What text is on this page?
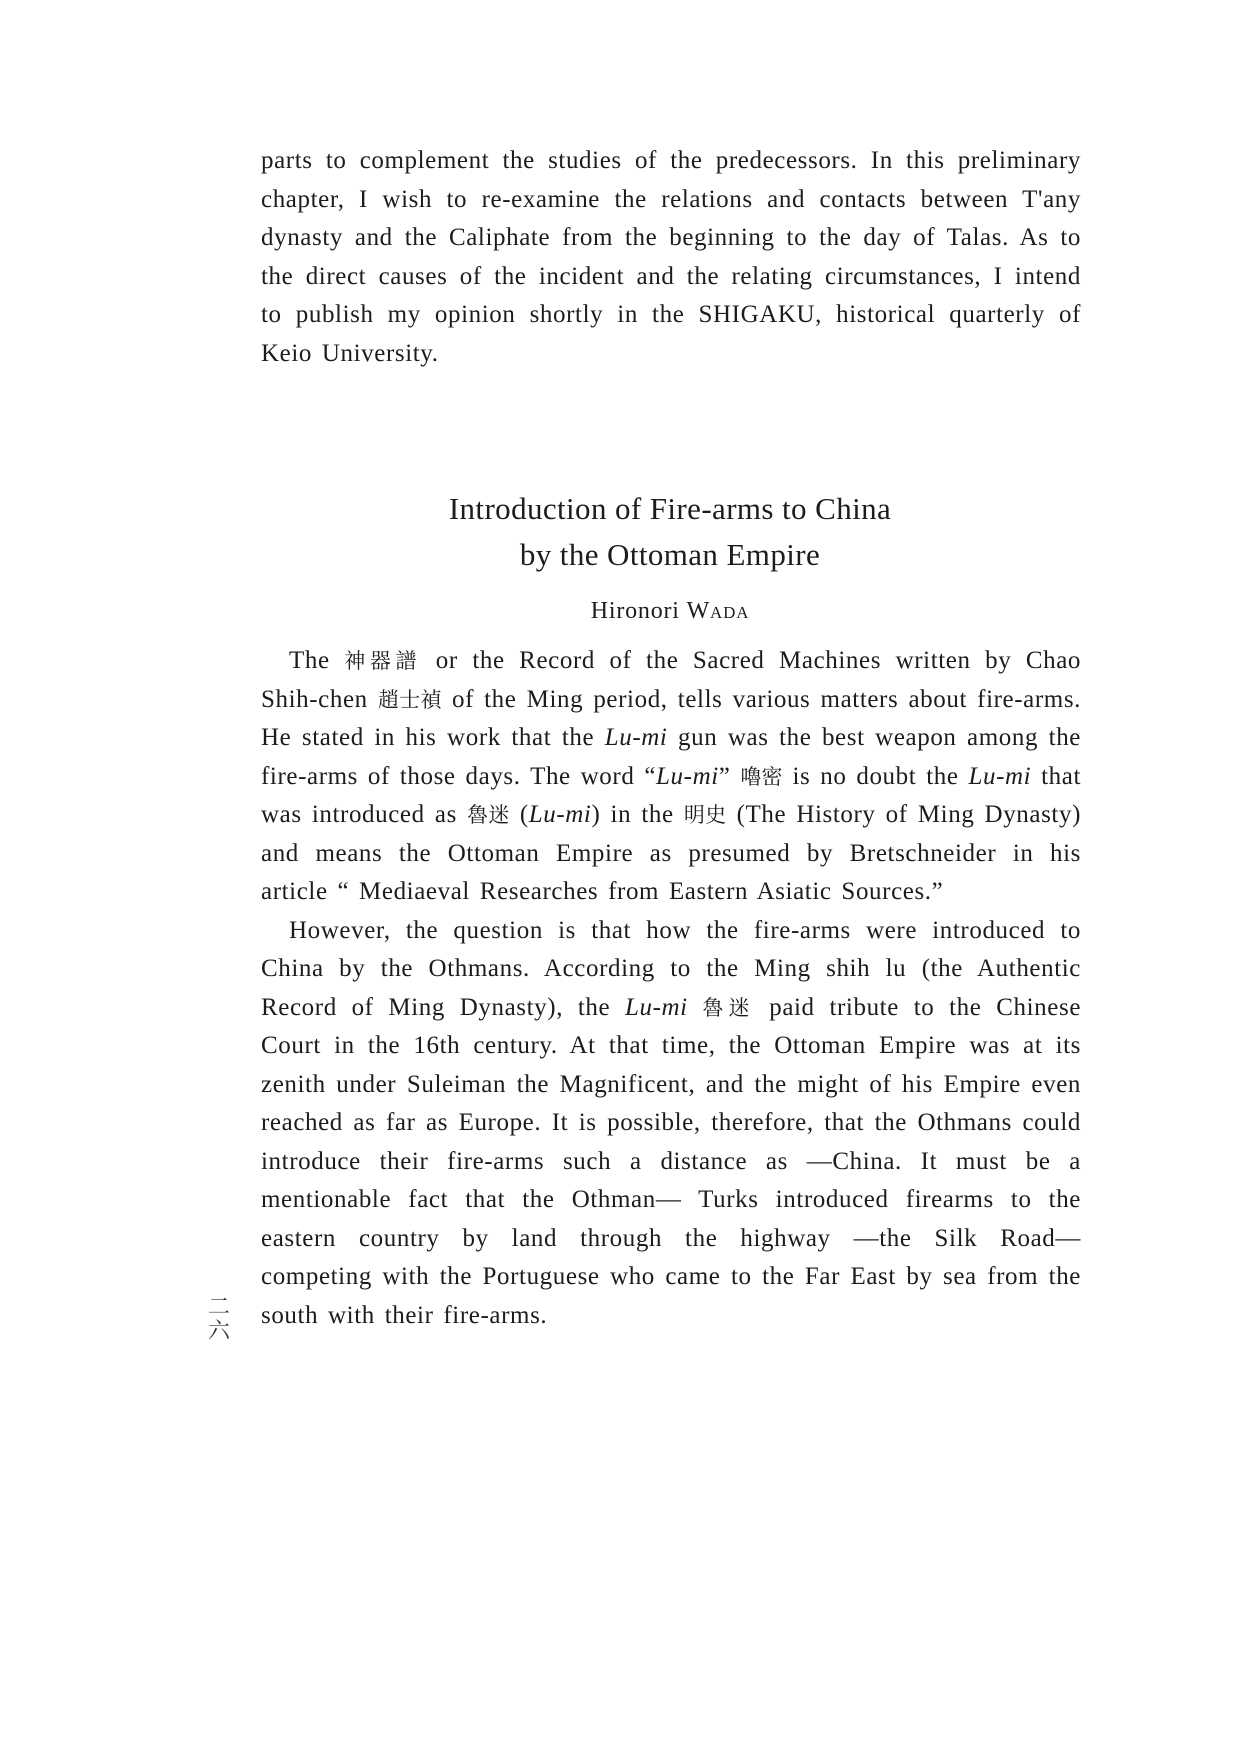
parts to complement the studies of the predecessors. In this preliminary chapter, I wish to re-examine the relations and contacts between T'any dynasty and the Caliphate from the beginning to the day of Talas. As to the direct causes of the incident and the relating circumstances, I intend to publish my opinion shortly in the SHIGAKU, historical quarterly of Keio University.

Introduction of Fire-arms to China
by the Ottoman Empire
Hironori Wada

The 神器譜 or the Record of the Sacred Machines written by Chao Shih-chen 趙士禎 of the Ming period, tells various matters about fire-arms. He stated in his work that the Lu-mi gun was the best weapon among the fire-arms of those days. The word “Lu-mi” 嚕密 is no doubt the Lu-mi that was introduced as 魯迷 (Lu-mi) in the 明史 (The History of Ming Dynasty) and means the Ottoman Empire as presumed by Bretschneider in his article “ Mediaeval Researches from Eastern Asiatic Sources.”

However, the question is that how the fire-arms were introduced to China by the Othmans. According to the Ming shih lu (the Authentic Record of Ming Dynasty), the Lu-mi 魯迷 paid tribute to the Chinese Court in the 16th century. At that time, the Ottoman Empire was at its zenith under Suleiman the Magnificent, and the might of his Empire even reached as far as Europe. It is possible, therefore, that the Othmans could introduce their fire-arms such a distance as —China. It must be a mentionable fact that the Othman— Turks introduced firearms to the eastern country by land through the highway —the Silk Road— competing with the Portuguese who came to the Far East by sea from the south with their fire-arms.

二
六
